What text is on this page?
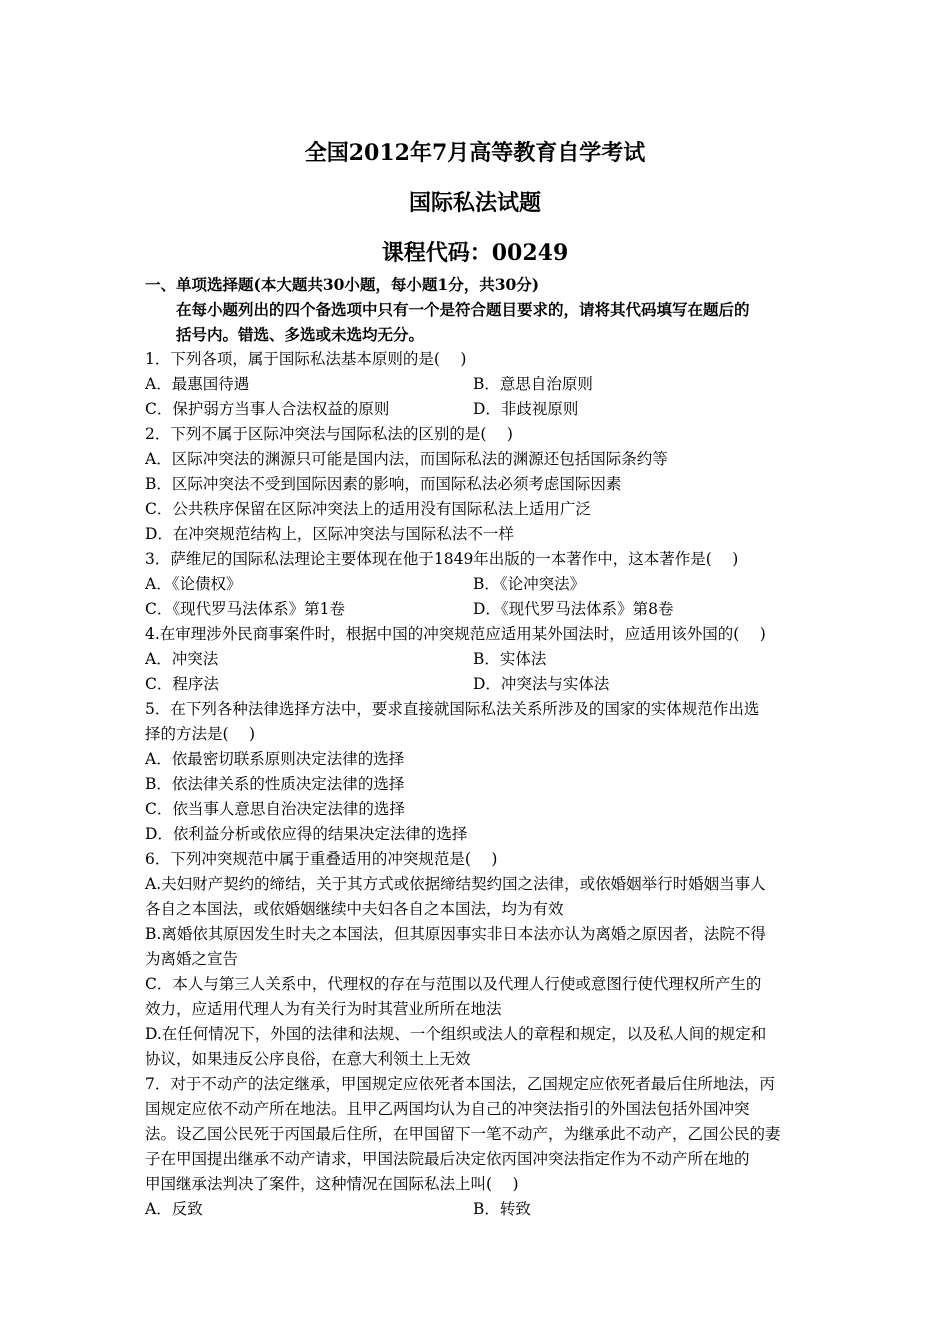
全国2012年7月高等教育自学考试
国际私法试题
课程代码：00249
一、单项选择题(本大题共30小题，每小题1分，共30分)
在每小题列出的四个备选项中只有一个是符合题目要求的，请将其代码填写在题后的
括号内。错选、多选或未选均无分。
1．下列各项，属于国际私法基本原则的是(　 )
A．最惠国待遇	B．意思自治原则
C．保护弱方当事人合法权益的原则	D．非歧视原则
2．下列不属于区际冲突法与国际私法的区别的是(　 )
A．区际冲突法的渊源只可能是国内法，而国际私法的渊源还包括国际条约等
B．区际冲突法不受到国际因素的影响，而国际私法必须考虑国际因素
C．公共秩序保留在区际冲突法上的适用没有国际私法上适用广泛
D．在冲突规范结构上，区际冲突法与国际私法不一样
3．萨维尼的国际私法理论主要体现在他于1849年出版的一本著作中，这本著作是(　 )
A．《论债权》	B．《论冲突法》
C．《现代罗马法体系》第1卷	D．《现代罗马法体系》第8卷
4.在审理涉外民商事案件时，根据中国的冲突规范应适用某外国法时，应适用该外国的(　 )
A．冲突法	B．实体法
C．程序法	D．冲突法与实体法
5．在下列各种法律选择方法中，要求直接就国际私法关系所涉及的国家的实体规范作出选
择的方法是(　 )
A．依最密切联系原则决定法律的选择
B．依法律关系的性质决定法律的选择
C．依当事人意思自治决定法律的选择
D．依利益分析或依应得的结果决定法律的选择
6．下列冲突规范中属于重叠适用的冲突规范是(　 )
A.夫妇财产契约的缔结，关于其方式或依据缔结契约国之法律，或依婚姻举行时婚姻当事人
各自之本国法，或依婚姻继续中夫妇各自之本国法，均为有效
B.离婚依其原因发生时夫之本国法，但其原因事实非日本法亦认为离婚之原因者，法院不得
为离婚之宣告
C．本人与第三人关系中，代理权的存在与范围以及代理人行使或意图行使代理权所产生的
效力，应适用代理人为有关行为时其营业所所在地法
D.在任何情况下，外国的法律和法规、一个组织或法人的章程和规定，以及私人间的规定和
协议，如果违反公序良俗，在意大利领土上无效
7．对于不动产的法定继承，甲国规定应依死者本国法，乙国规定应依死者最后住所地法，丙
国规定应依不动产所在地法。且甲乙两国均认为自己的冲突法指引的外国法包括外国冲突
法。设乙国公民死于丙国最后住所，在甲国留下一笔不动产，为继承此不动产，乙国公民的妻
子在甲国提出继承不动产请求，甲国法院最后决定依丙国冲突法指定作为不动产所在地的
甲国继承法判决了案件，这种情况在国际私法上叫(　 )
A．反致	B．转致
